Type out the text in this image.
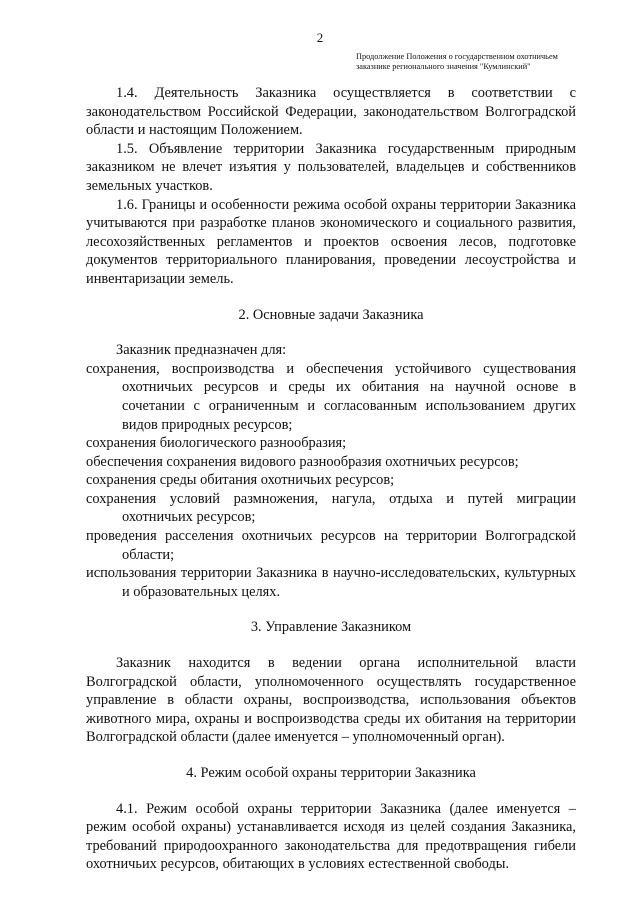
2
Продолжение Положения о государственном охотничьем
заказнике регионального значения "Кумлинский"

1.4. Деятельность Заказника осуществляется в соответствии с законодательством Российской Федерации, законодательством Волгоградской области и настоящим Положением.

1.5. Объявление территории Заказника государственным природным заказником не влечет изъятия у пользователей, владельцев и собственников земельных участков.

1.6. Границы и особенности режима особой охраны территории Заказника учитываются при разработке планов экономического и социального развития, лесохозяйственных регламентов и проектов освоения лесов, подготовке документов территориального планирования, проведении лесоустройства и инвентаризации земель.

2. Основные задачи Заказника

Заказник предназначен для:

сохранения, воспроизводства и обеспечения устойчивого существования охотничьих ресурсов и среды их обитания на научной основе в сочетании с ограниченным и согласованным использованием других видов природных ресурсов;

сохранения биологического разнообразия;

обеспечения сохранения видового разнообразия охотничьих ресурсов;

сохранения среды обитания охотничьих ресурсов;

сохранения условий размножения, нагула, отдыха и путей миграции охотничьих ресурсов;

проведения расселения охотничьих ресурсов на территории Волгоградской области;

использования территории Заказника в научно-исследовательских, культурных и образовательных целях.

3. Управление Заказником

Заказник находится в ведении органа исполнительной власти Волгоградской области, уполномоченного осуществлять государственное управление в области охраны, воспроизводства, использования объектов животного мира, охраны и воспроизводства среды их обитания на территории Волгоградской области (далее именуется – уполномоченный орган).

4. Режим особой охраны территории Заказника

4.1. Режим особой охраны территории Заказника (далее именуется – режим особой охраны) устанавливается исходя из целей создания Заказника, требований природоохранного законодательства для предотвращения гибели охотничьих ресурсов, обитающих в условиях естественной свободы.
